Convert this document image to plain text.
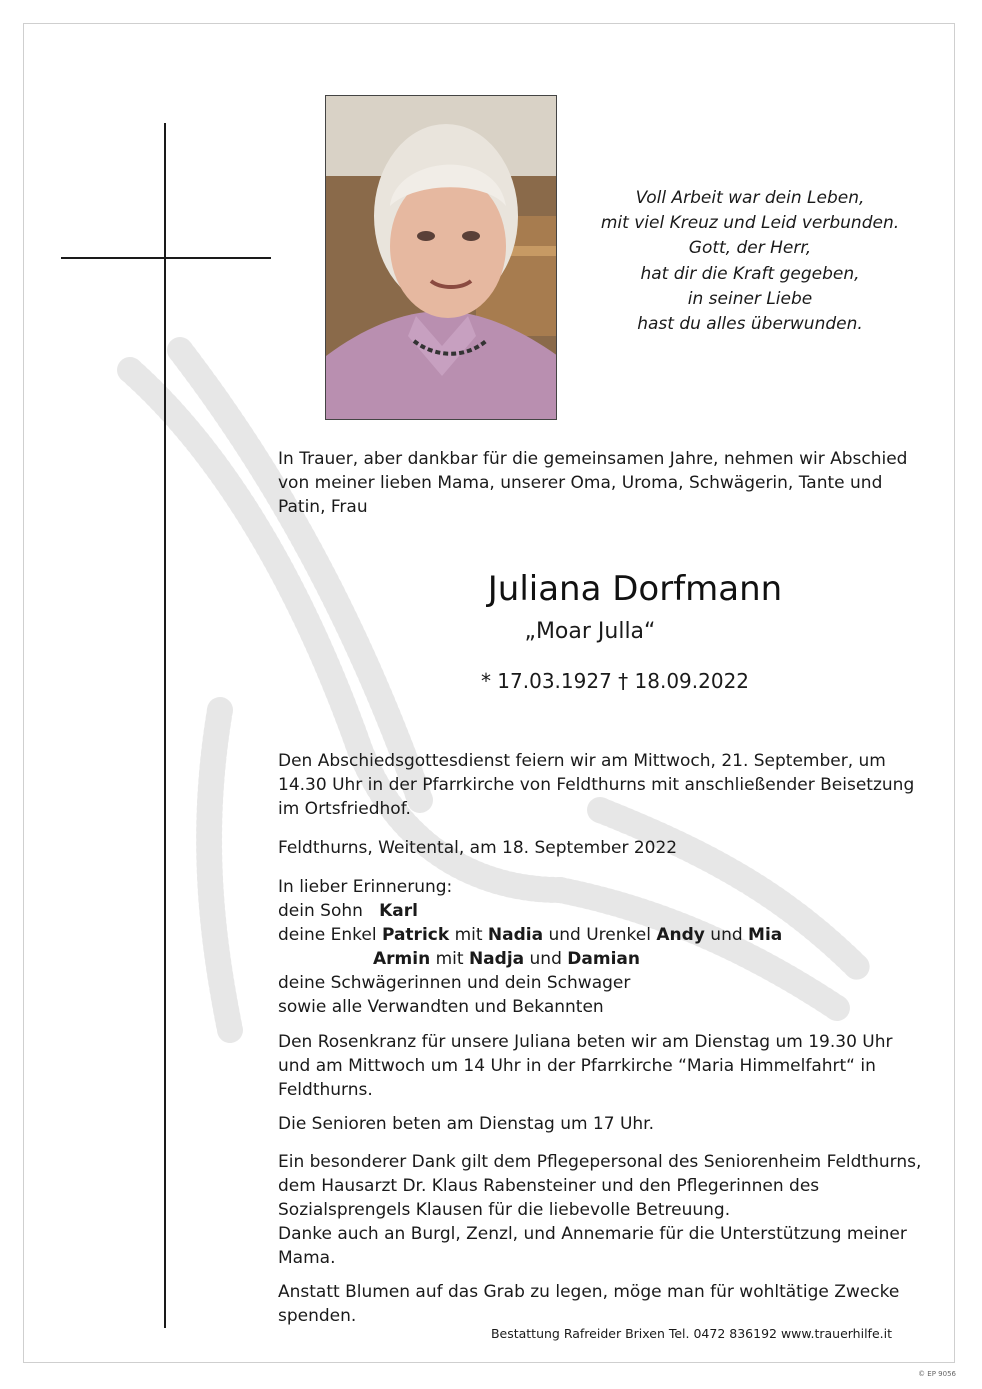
Voll Arbeit war dein Leben,
mit viel Kreuz und Leid verbunden.
Gott, der Herr,
hat dir die Kraft gegeben,
in seiner Liebe
hast du alles überwunden.
In Trauer, aber dankbar für die gemeinsamen Jahre, nehmen wir Abschied von meiner lieben Mama, unserer Oma, Uroma, Schwägerin, Tante und Patin, Frau
Juliana Dorfmann
„Moar Julla“
* 17.03.1927 † 18.09.2022
Den Abschiedsgottesdienst feiern wir am Mittwoch, 21. September, um 14.30 Uhr in der Pfarrkirche von Feldthurns mit anschließender Beisetzung im Ortsfriedhof.
Feldthurns, Weitental, am 18. September 2022
In lieber Erinnerung:
dein Sohn Karl
deine Enkel Patrick mit Nadia und Urenkel Andy und Mia
Armin mit Nadja und Damian
deine Schwägerinnen und dein Schwager
sowie alle Verwandten und Bekannten
Den Rosenkranz für unsere Juliana beten wir am Dienstag um 19.30 Uhr und am Mittwoch um 14 Uhr in der Pfarrkirche “Maria Himmelfahrt“ in Feldthurns.
Die Senioren beten am Dienstag um 17 Uhr.
Ein besonderer Dank gilt dem Pflegepersonal des Seniorenheim Feldthurns, dem Hausarzt Dr. Klaus Rabensteiner und den Pflegerinnen des Sozialsprengels Klausen für die liebevolle Betreuung.
Danke auch an Burgl, Zenzl, und Annemarie für die Unterstützung meiner Mama.
Anstatt Blumen auf das Grab zu legen, möge man für wohltätige Zwecke spenden.
Bestattung Rafreider Brixen Tel. 0472 836192 www.trauerhilfe.it
© EP 9056
